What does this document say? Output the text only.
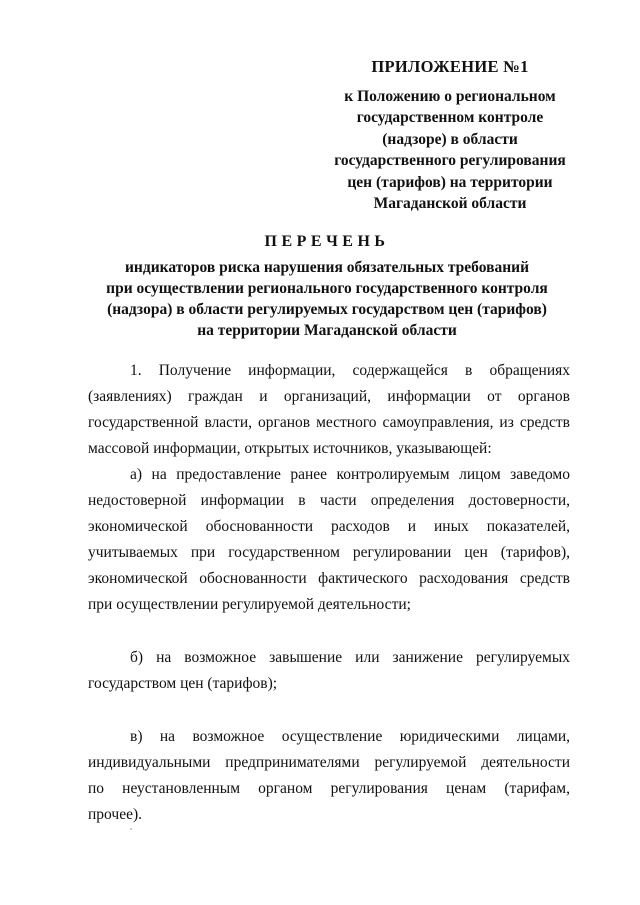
ПРИЛОЖЕНИЕ №1
к Положению о региональном
государственном контроле
(надзоре) в области
государственного регулирования
цен (тарифов) на территории
Магаданской области
ПЕРЕЧЕНЬ
индикаторов риска нарушения обязательных требований
при осуществлении регионального государственного контроля
(надзора) в области регулируемых государством цен (тарифов)
на территории Магаданской области
1. Получение информации, содержащейся в обращениях
(заявлениях) граждан и организаций, информации от органов
государственной власти, органов местного самоуправления, из средств
массовой информации, открытых источников, указывающей:
а) на предоставление ранее контролируемым лицом заведомо
недостоверной информации в части определения достоверности,
экономической обоснованности расходов и иных показателей,
учитываемых при государственном регулировании цен (тарифов),
экономической обоснованности фактического расходования средств
при осуществлении регулируемой деятельности;
б) на возможное завышение или занижение регулируемых
государством цен (тарифов);
в) на возможное осуществление юридическими лицами,
индивидуальными предпринимателями регулируемой деятельности
по неустановленным органом регулирования ценам (тарифам,
прочее).
